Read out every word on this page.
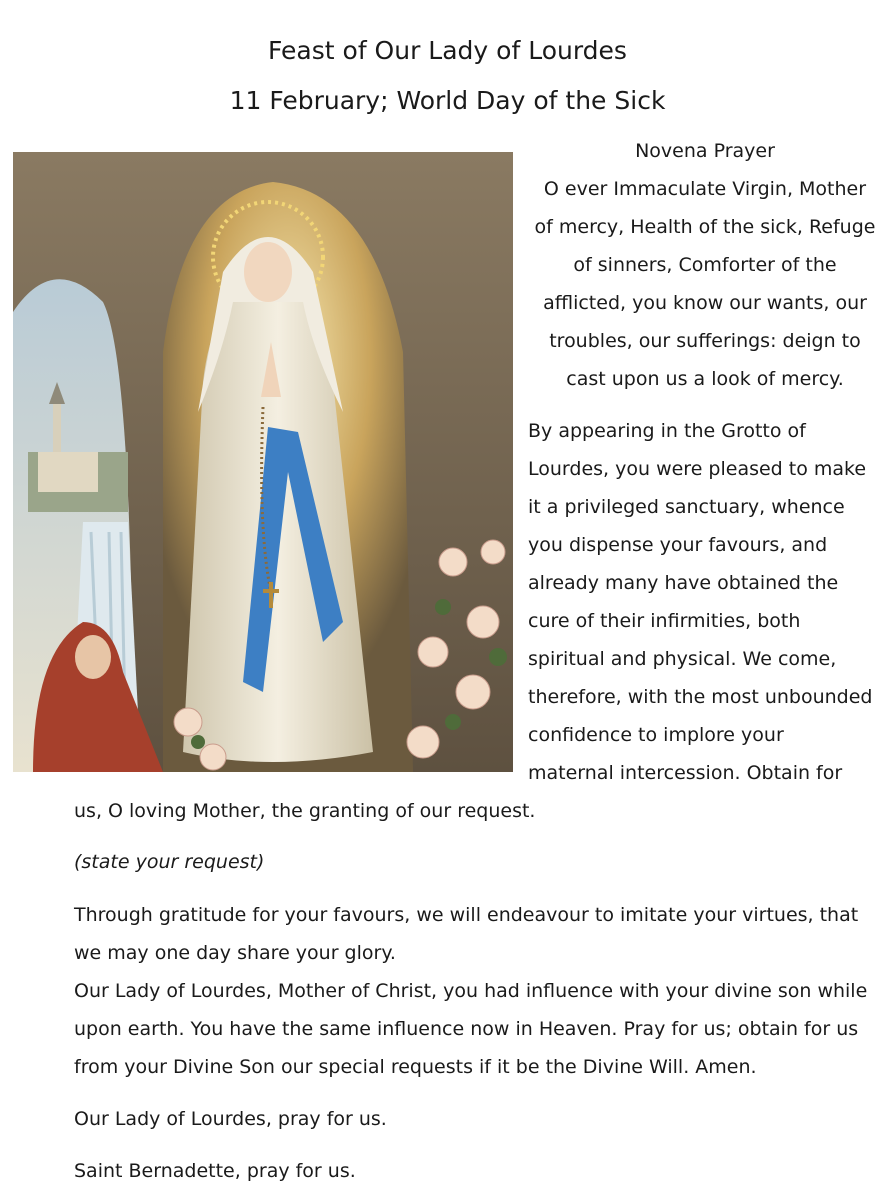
Feast of Our Lady of Lourdes
11 February; World Day of the Sick
Novena Prayer
O ever Immaculate Virgin, Mother
of mercy, Health of the sick, Refuge
of sinners, Comforter of the
afflicted, you know our wants, our
troubles, our sufferings: deign to
cast upon us a look of mercy.
By appearing in the Grotto of
Lourdes, you were pleased to make
it a privileged sanctuary, whence
you dispense your favours, and
already many have obtained the
cure of their infirmities, both
spiritual and physical. We come,
therefore, with the most unbounded
confidence to implore your
maternal intercession. Obtain for
us, O loving Mother, the granting of our request.
(state your request)
Through gratitude for your favours, we will endeavour to imitate your virtues, that
we may one day share your glory.
Our Lady of Lourdes, Mother of Christ, you had influence with your divine son while
upon earth. You have the same influence now in Heaven. Pray for us; obtain for us
from your Divine Son our special requests if it be the Divine Will. Amen.
Our Lady of Lourdes, pray for us.
Saint Bernadette, pray for us.
